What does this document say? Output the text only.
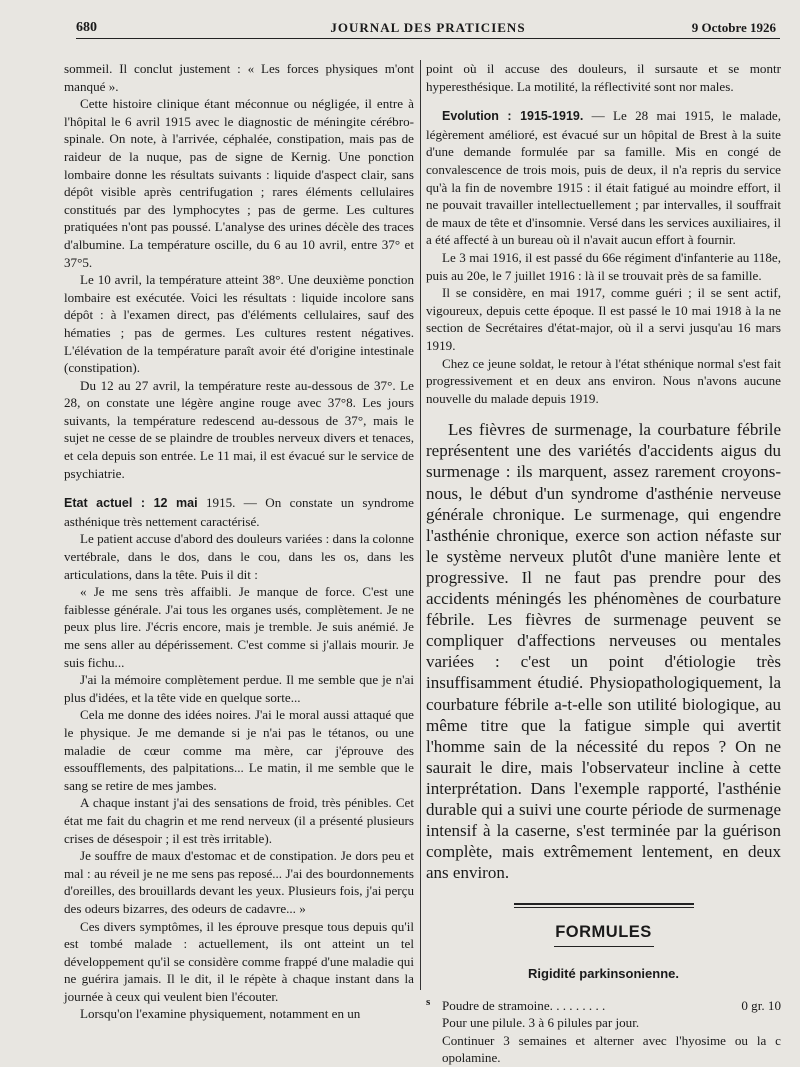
680	JOURNAL DES PRATICIENS	9 Octobre 1926

sommeil. Il conclut justement : « Les forces physiques m'ont manqué ».

Cette histoire clinique étant méconnue ou négligée, il entre à l'hôpital le 6 avril 1915 avec le diagnostic de méningite cérébro-spinale. On note, à l'arrivée, céphalée, constipation, mais pas de raideur de la nuque, pas de signe de Kernig. Une ponction lombaire donne les résultats suivants : liquide d'aspect clair, sans dépôt visible après centrifugation ; rares éléments cellulaires constitués par des lymphocytes ; pas de germe. Les cultures pratiquées n'ont pas poussé. L'analyse des urines décèle des traces d'albumine. La température oscille, du 6 au 10 avril, entre 37° et 37°5.

Le 10 avril, la température atteint 38°. Une deuxième ponction lombaire est exécutée. Voici les résultats : liquide incolore sans dépôt : à l'examen direct, pas d'éléments cellulaires, sauf des hématies ; pas de germes. Les cultures restent négatives. L'élévation de la température paraît avoir été d'origine intestinale (constipation).

Du 12 au 27 avril, la température reste au-dessous de 37°. Le 28, on constate une légère angine rouge avec 37°8. Les jours suivants, la température redescend au-dessous de 37°, mais le sujet ne cesse de se plaindre de troubles nerveux divers et tenaces, et cela depuis son entrée. Le 11 mai, il est évacué sur le service de psychiatrie.

Etat actuel : 12 mai 1915. — On constate un syndrome asthénique très nettement caractérisé.

Le patient accuse d'abord des douleurs variées : dans la colonne vertébrale, dans le dos, dans le cou, dans les os, dans les articulations, dans la tête. Puis il dit :

« Je me sens très affaibli. Je manque de force. C'est une faiblesse générale. J'ai tous les organes usés, complètement. Je ne peux plus lire. J'écris encore, mais je tremble. Je suis anémié. Je me sens aller au dépérissement. C'est comme si j'allais mourir. Je suis fichu...

J'ai la mémoire complètement perdue. Il me semble que je n'ai plus d'idées, et la tête vide en quelque sorte...

Cela me donne des idées noires. J'ai le moral aussi attaqué que le physique. Je me demande si je n'ai pas le tétanos, ou une maladie de cœur comme ma mère, car j'éprouve des essoufflements, des palpitations... Le matin, il me semble que le sang se retire de mes jambes.

A chaque instant j'ai des sensations de froid, très pénibles. Cet état me fait du chagrin et me rend nerveux (il a présenté plusieurs crises de désespoir ; il est très irritable).

Je souffre de maux d'estomac et de constipation. Je dors peu et mal : au réveil je ne me sens pas reposé... J'ai des bourdonnements d'oreilles, des brouillards devant les yeux. Plusieurs fois, j'ai perçu des odeurs bizarres, des odeurs de cadavre... »

Ces divers symptômes, il les éprouve presque tous depuis qu'il est tombé malade : actuellement, ils ont atteint un tel développement qu'il se considère comme frappé d'une maladie qui ne guérira jamais. Il le dit, il le répète à chaque instant dans la journée à ceux qui veulent bien l'écouter.

Lorsqu'on l'examine physiquement, notamment en un

point où il accuse des douleurs, il sursaute et se montr hyperesthésique. La motilité, la réflectivité sont nor males.

Evolution : 1915-1919. — Le 28 mai 1915, le malade, légèrement amélioré, est évacué sur un hôpital de Brest à la suite d'une demande formulée par sa famille. Mis en congé de convalescence de trois mois, puis de deux, il n'a repris du service qu'à la fin de novembre 1915 : il était fatigué au moindre effort, il ne pouvait travailler intellectuellement ; par intervalles, il souffrait de maux de tête et d'insomnie. Versé dans les services auxiliaires, il a été affecté à un bureau où il n'avait aucun effort à fournir.

Le 3 mai 1916, il est passé du 66e régiment d'infanterie au 118e, puis au 20e, le 7 juillet 1916 : là il se trouvait près de sa famille.

Il se considère, en mai 1917, comme guéri ; il se sent actif, vigoureux, depuis cette époque. Il est passé le 10 mai 1918 à la ne section de Secrétaires d'état-major, où il a servi jusqu'au 16 mars 1919.

Chez ce jeune soldat, le retour à l'état sthénique normal s'est fait progressivement et en deux ans environ. Nous n'avons aucune nouvelle du malade depuis 1919.

Les fièvres de surmenage, la courbature fébrile représentent une des variétés d'accidents aigus du surmenage : ils marquent, assez rarement croyons-nous, le début d'un syndrome d'asthénie nerveuse générale chronique. Le surmenage, qui engendre l'asthénie chronique, exerce son action néfaste sur le système nerveux plutôt d'une manière lente et progressive. Il ne faut pas prendre pour des accidents méningés les phénomènes de courbature fébrile. Les fièvres de surmenage peuvent se compliquer d'affections nerveuses ou mentales variées : c'est un point d'étiologie très insuffisamment étudié. Physiopathologiquement, la courbature fébrile a-t-elle son utilité biologique, au même titre que la fatigue simple qui avertit l'homme sain de la nécessité du repos ? On ne saurait le dire, mais l'observateur incline à cette interprétation. Dans l'exemple rapporté, l'asthénie durable qui a suivi une courte période de surmenage intensif à la caserne, s'est terminée par la guérison complète, mais extrêmement lentement, en deux ans environ.

FORMULES
Rigidité parkinsonienne.
Poudre de stramoine . . . . . . . . .	0 gr. 10
Pour une pilule. 3 à 6 pilules par jour.
Continuer 3 semaines et alterner avec l'hyosime ou la c opolamine.
s
